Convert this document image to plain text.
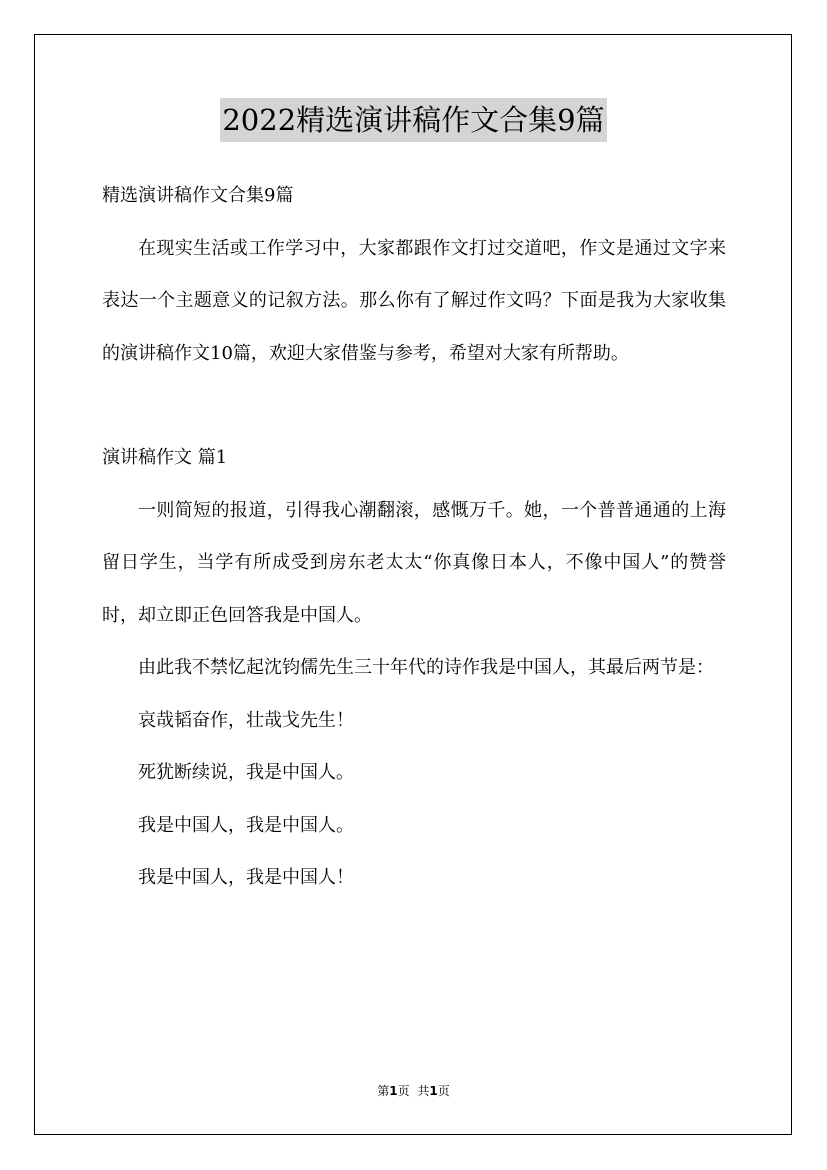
2022精选演讲稿作文合集9篇

精选演讲稿作文合集9篇

在现实生活或工作学习中，大家都跟作文打过交道吧，作文是通过文字来表达一个主题意义的记叙方法。那么你有了解过作文吗？下面是我为大家收集的演讲稿作文10篇，欢迎大家借鉴与参考，希望对大家有所帮助。

演讲稿作文 篇1

一则简短的报道，引得我心潮翻滚，感慨万千。她，一个普普通通的上海留日学生，当学有所成受到房东老太太“你真像日本人，不像中国人”的赞誉时，却立即正色回答我是中国人。

由此我不禁忆起沈钧儒先生三十年代的诗作我是中国人，其最后两节是：

哀哉韬奋作，壮哉戈先生！

死犹断续说，我是中国人。

我是中国人，我是中国人。

我是中国人，我是中国人！

第1页 共1页
